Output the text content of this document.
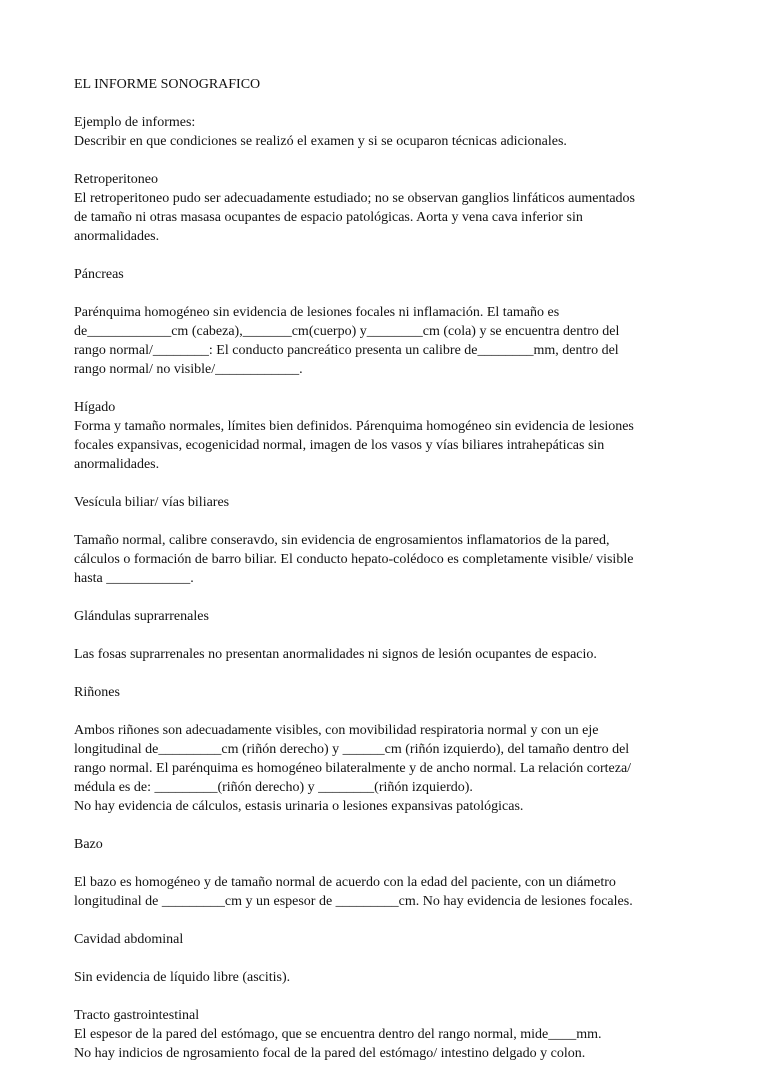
EL INFORME SONOGRAFICO

Ejemplo de informes:
Describir en que condiciones se realizó el examen y si se ocuparon técnicas adicionales.

Retroperitoneo
El retroperitoneo pudo ser adecuadamente estudiado; no se observan ganglios linfáticos aumentados
de tamaño ni otras masasa ocupantes de espacio patológicas. Aorta y vena cava inferior sin
anormalidades.

Páncreas

Parénquima homogéneo sin evidencia de lesiones focales ni inflamación. El tamaño es
de____________cm (cabeza),_______cm(cuerpo) y________cm (cola) y se encuentra dentro del
rango normal/________: El conducto pancreático presenta un calibre de________mm, dentro del
rango normal/ no visible/____________.

Hígado
Forma y tamaño normales, límites bien definidos. Párenquima homogéneo sin evidencia de lesiones
focales expansivas, ecogenicidad normal, imagen de los vasos y vías biliares intrahepáticas sin
anormalidades.

Vesícula biliar/ vías biliares

Tamaño normal, calibre conseravdo, sin evidencia de engrosamientos inflamatorios de la pared,
cálculos o formación de barro biliar. El conducto hepato-colédoco es completamente visible/ visible
hasta ____________.

Glándulas suprarrenales

Las fosas suprarrenales no presentan anormalidades ni signos de lesión ocupantes de espacio.

Riñones

Ambos riñones son adecuadamente visibles, con movibilidad respiratoria normal y con un eje
longitudinal de_________cm (riñón derecho) y ______cm (riñón izquierdo), del tamaño dentro del
rango normal. El parénquima es homogéneo bilateralmente y de ancho normal. La relación corteza/
médula es de: _________(riñón derecho) y ________(riñón izquierdo).
No hay evidencia de cálculos, estasis urinaria o lesiones expansivas patológicas.

Bazo

El bazo es homogéneo y de tamaño normal de acuerdo con la edad del paciente, con un diámetro
longitudinal de _________cm y un espesor de _________cm. No hay evidencia de lesiones focales.

Cavidad abdominal

Sin evidencia de líquido libre (ascitis).

Tracto gastrointestinal
El espesor de la pared del estómago, que se encuentra dentro del rango normal, mide____mm.
No hay indicios de ngrosamiento focal de la pared del estómago/ intestino delgado y colon.
